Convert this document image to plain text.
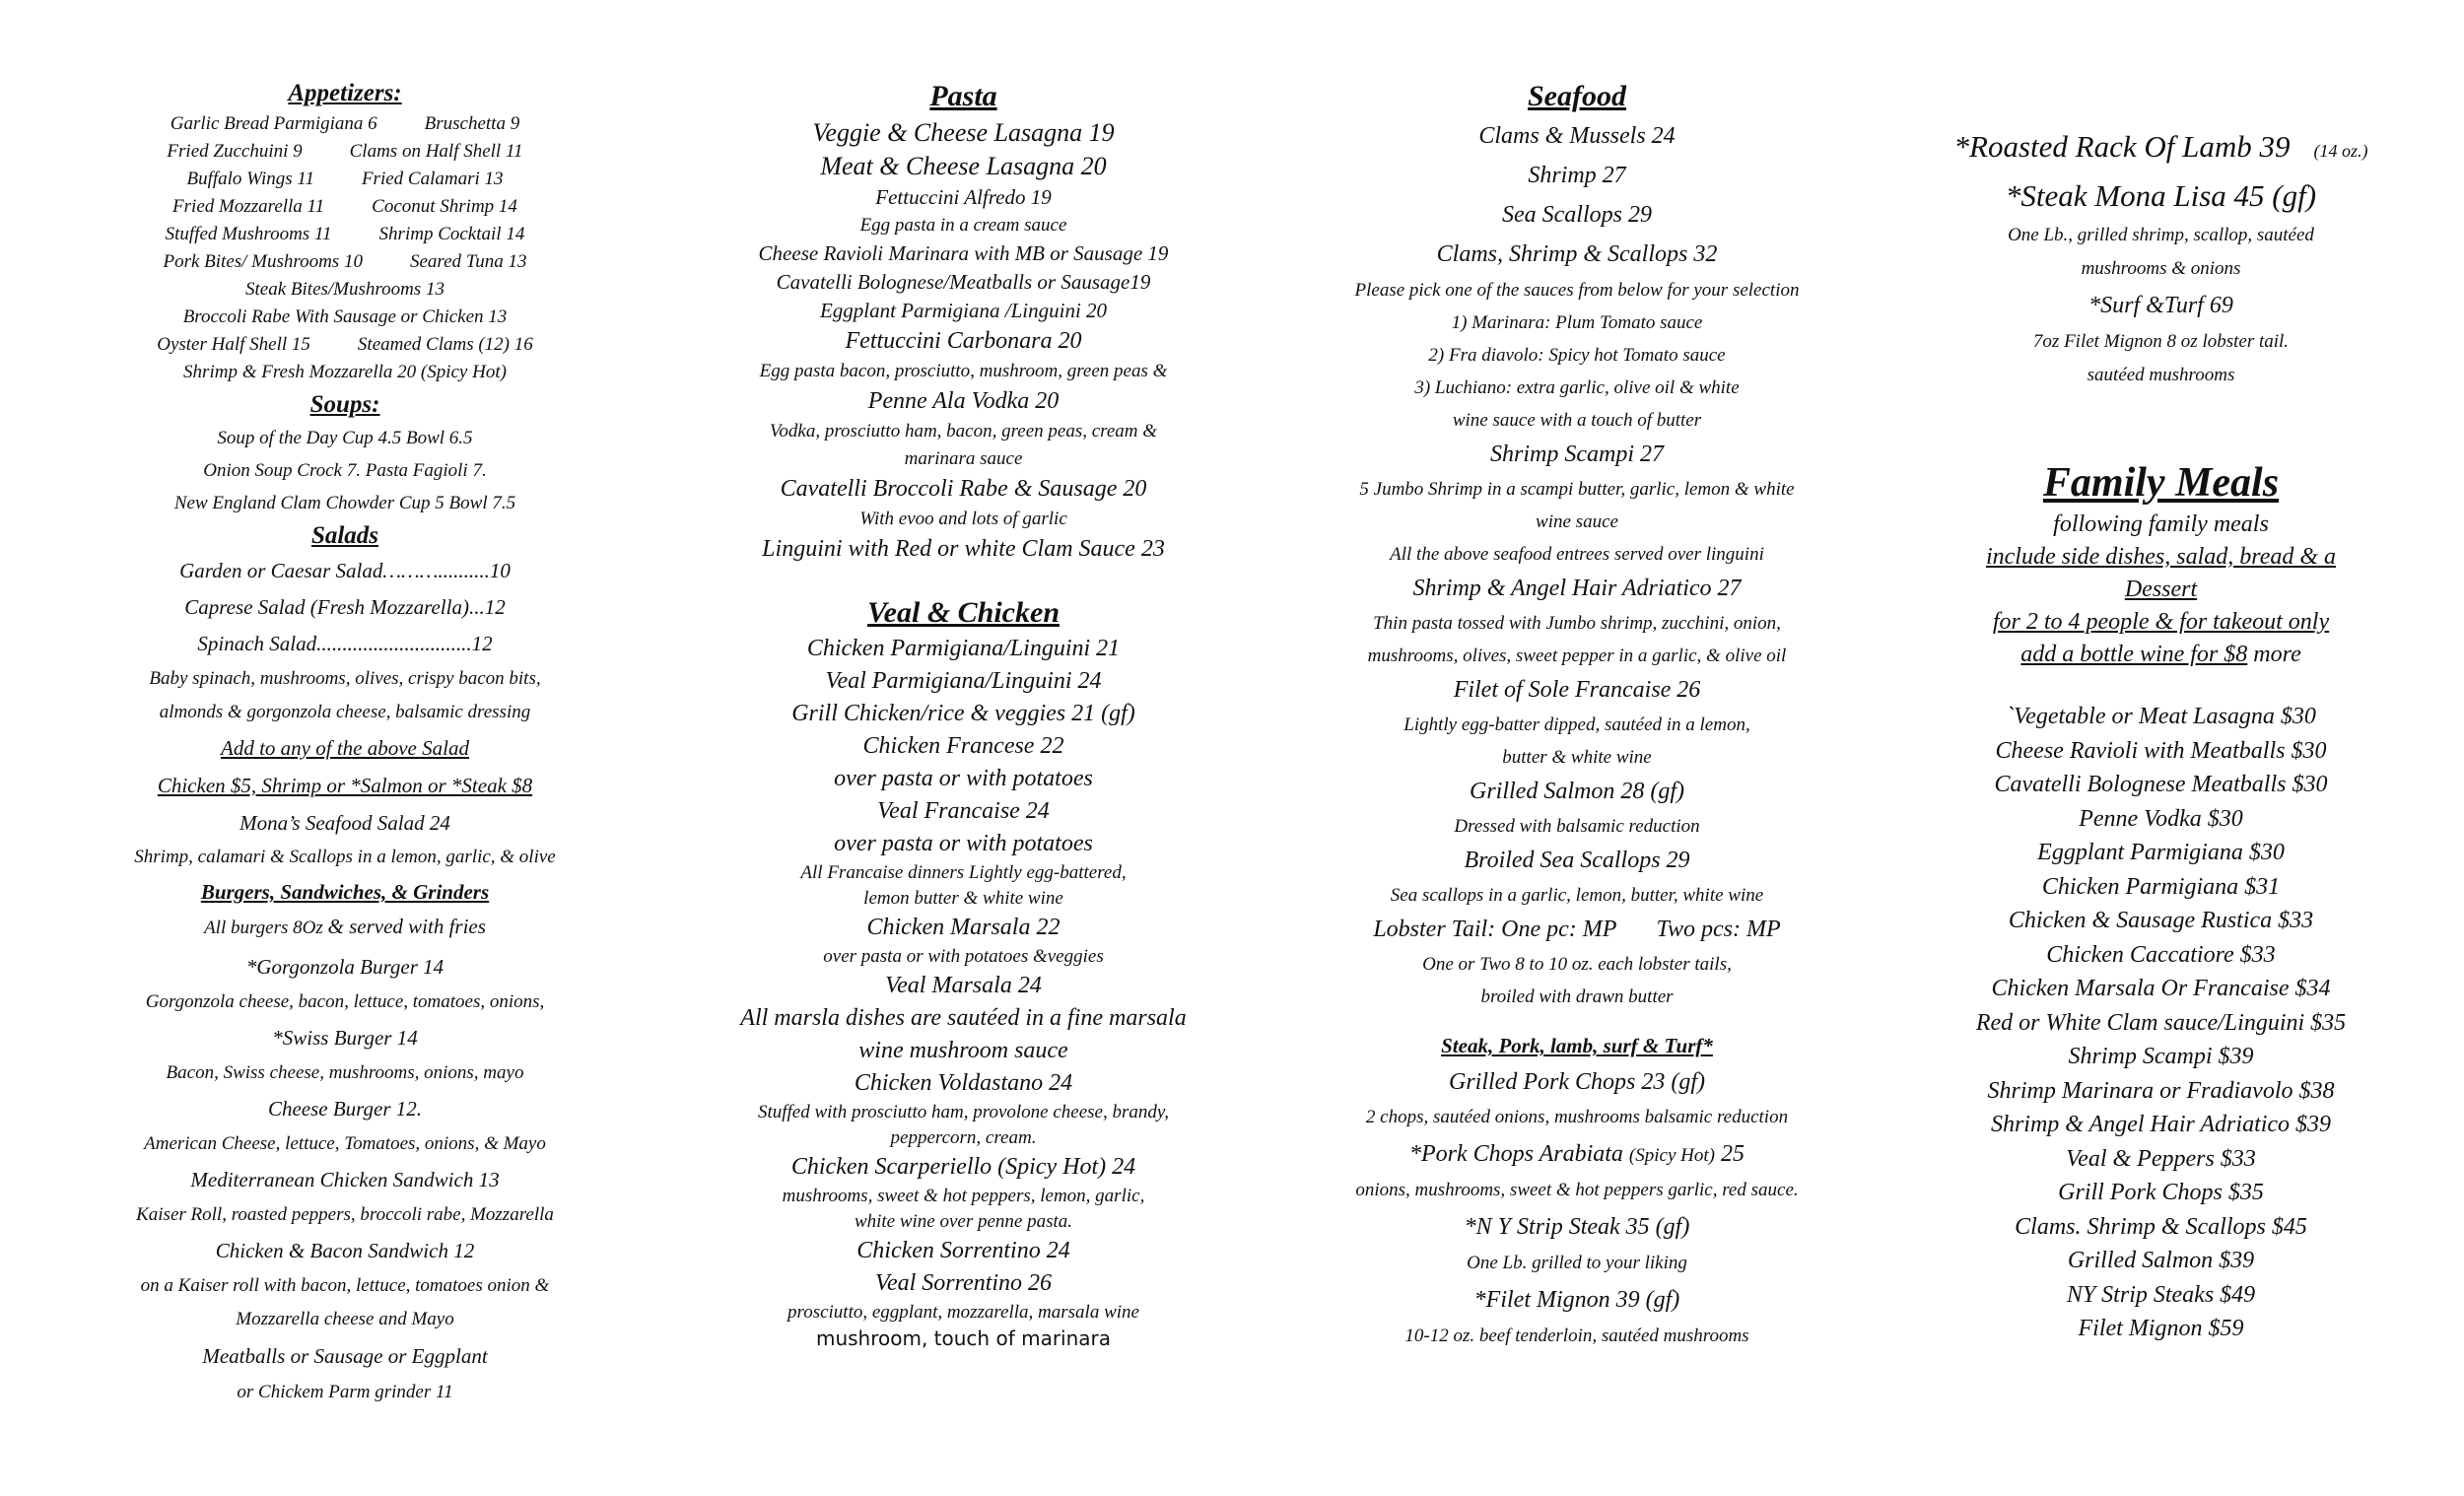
Appetizers:
Garlic Bread Parmigiana 6	Bruschetta 9
Fried Zucchuini 9	Clams on Half Shell 11
Buffalo Wings 11	Fried Calamari 13
Fried Mozzarella 11	Coconut Shrimp 14
Stuffed Mushrooms 11	Shrimp Cocktail 14
Pork Bites/ Mushrooms 10	Seared Tuna 13
Steak Bites/Mushrooms 13
Broccoli Rabe With Sausage or Chicken 13
Oyster Half Shell 15	Steamed Clams (12) 16
Shrimp & Fresh Mozzarella 20 (Spicy Hot)
Soups:
Soup of the Day Cup 4.5 Bowl 6.5
Onion Soup Crock 7. Pasta Fagioli 7.
New England Clam Chowder Cup 5 Bowl 7.5
Salads
Garden or Caesar Salad………..........10
Caprese Salad (Fresh Mozzarella)...12
Spinach Salad..............................12
Baby spinach, mushrooms, olives, crispy bacon bits,
almonds & gorgonzola cheese, balsamic dressing
Add to any of the above Salad
Chicken $5, Shrimp or *Salmon or *Steak $8
Mona’s Seafood Salad 24
Shrimp, calamari & Scallops in a lemon, garlic, & olive
Burgers, Sandwiches, & Grinders
All burgers 8Oz & served with fries
*Gorgonzola Burger 14
Gorgonzola cheese, bacon, lettuce, tomatoes, onions,
*Swiss Burger 14
Bacon, Swiss cheese, mushrooms, onions, mayo
Cheese Burger 12.
American Cheese, lettuce, Tomatoes, onions, & Mayo
Mediterranean Chicken Sandwich 13
Kaiser Roll, roasted peppers, broccoli rabe, Mozzarella
Chicken & Bacon Sandwich 12
on a Kaiser roll with bacon, lettuce, tomatoes onion &
Mozzarella cheese and Mayo
Meatballs or Sausage or Eggplant
or Chickem Parm grinder 11
Pasta
Veggie & Cheese Lasagna 19
Meat & Cheese Lasagna 20
Fettuccini Alfredo 19
Egg pasta in a cream sauce
Cheese Ravioli Marinara with MB or Sausage 19
Cavatelli Bolognese/Meatballs or Sausage19
Eggplant Parmigiana /Linguini 20
Fettuccini Carbonara 20
Egg pasta bacon, prosciutto, mushroom, green peas &
Penne Ala Vodka 20
Vodka, prosciutto ham, bacon, green peas, cream &
marinara sauce
Cavatelli Broccoli Rabe & Sausage 20
With evoo and lots of garlic
Linguini with Red or white Clam Sauce 23
Veal & Chicken
Chicken Parmigiana/Linguini 21
Veal Parmigiana/Linguini 24
Grill Chicken/rice & veggies 21 (gf)
Chicken Francese 22
over pasta or with potatoes
Veal Francaise 24
over pasta or with potatoes
All Francaise dinners Lightly egg-battered,
lemon butter & white wine
Chicken Marsala 22
over pasta or with potatoes &veggies
Veal Marsala 24
All marsla dishes are sautéed in a fine marsala
wine mushroom sauce
Chicken Voldastano 24
Stuffed with prosciutto ham, provolone cheese, brandy,
peppercorn, cream.
Chicken Scarperiello (Spicy Hot) 24
mushrooms, sweet & hot peppers, lemon, garlic,
white wine over penne pasta.
Chicken Sorrentino 24
Veal Sorrentino 26
prosciutto, eggplant, mozzarella, marsala wine
mushroom, touch of marinara
Seafood
Clams & Mussels 24
Shrimp 27
Sea Scallops 29
Clams, Shrimp & Scallops 32
Please pick one of the sauces from below for your selection
1) Marinara: Plum Tomato sauce
2) Fra diavolo: Spicy hot Tomato sauce
3) Luchiano: extra garlic, olive oil & white
wine sauce with a touch of butter
Shrimp Scampi 27
5 Jumbo Shrimp in a scampi butter, garlic, lemon & white
wine sauce
All the above seafood entrees served over linguini
Shrimp & Angel Hair Adriatico 27
Thin pasta tossed with Jumbo shrimp, zucchini, onion,
mushrooms, olives, sweet pepper in a garlic, & olive oil
Filet of Sole Francaise 26
Lightly egg-batter dipped, sautéed in a lemon,
butter & white wine
Grilled Salmon 28 (gf)
Dressed with balsamic reduction
Broiled Sea Scallops 29
Sea scallops in a garlic, lemon, butter, white wine
Lobster Tail: One pc: MP Two pcs: MP
One or Two 8 to 10 oz. each lobster tails,
broiled with drawn butter
Steak, Pork, lamb, surf & Turf*
Grilled Pork Chops 23 (gf)
2 chops, sautéed onions, mushrooms balsamic reduction
*Pork Chops Arabiata (Spicy Hot) 25
onions, mushrooms, sweet & hot peppers garlic, red sauce.
*N Y Strip Steak 35 (gf)
One Lb. grilled to your liking
*Filet Mignon 39 (gf)
10-12 oz. beef tenderloin, sautéed mushrooms
*Roasted Rack Of Lamb 39 (14 oz.)
*Steak Mona Lisa 45 (gf)
One Lb., grilled shrimp, scallop, sautéed
mushrooms & onions
*Surf &Turf 69
7oz Filet Mignon 8 oz lobster tail.
sautéed mushrooms
Family Meals
following family meals
include side dishes, salad, bread & a
Dessert
for 2 to 4 people & for takeout only
add a bottle wine for $8 more
`Vegetable or Meat Lasagna $30
Cheese Ravioli with Meatballs $30
Cavatelli Bolognese Meatballs $30
Penne Vodka $30
Eggplant Parmigiana $30
Chicken Parmigiana $31
Chicken & Sausage Rustica $33
Chicken Caccatiore $33
Chicken Marsala Or Francaise $34
Red or White Clam sauce/Linguini $35
Shrimp Scampi $39
Shrimp Marinara or Fradiavolo $38
Shrimp & Angel Hair Adriatico $39
Veal & Peppers $33
Grill Pork Chops $35
Clams. Shrimp & Scallops $45
Grilled Salmon $39
NY Strip Steaks $49
Filet Mignon $59
